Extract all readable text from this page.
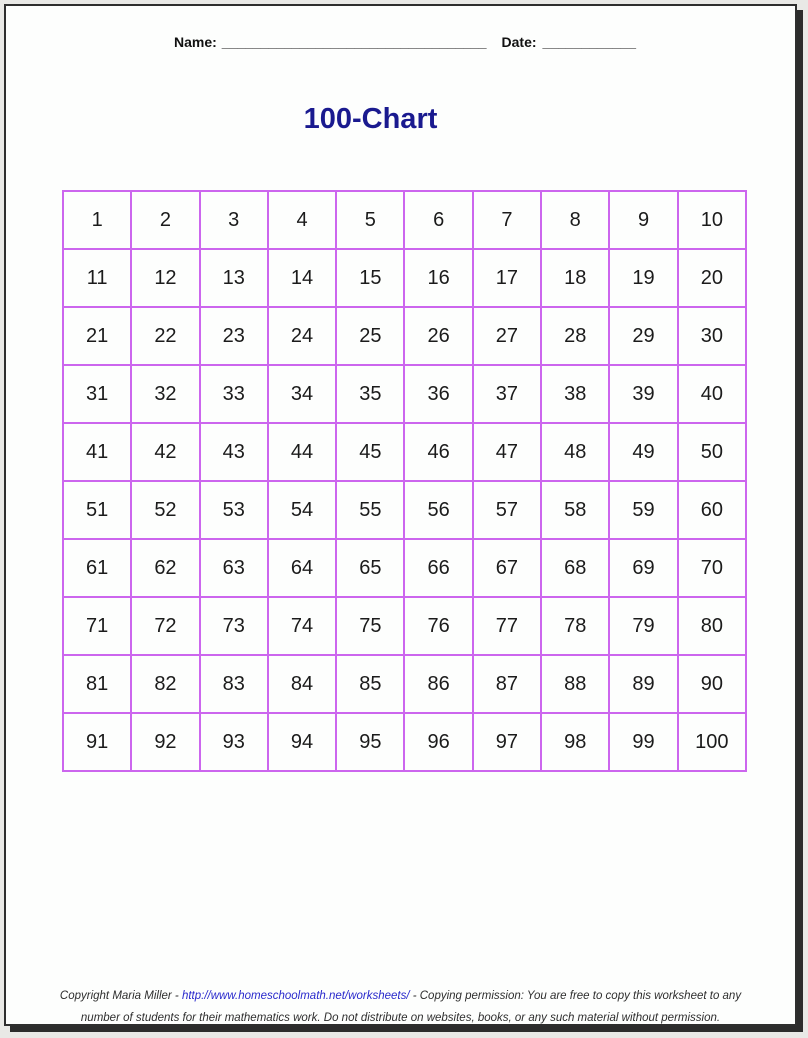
Name: __________________________________ Date: ____________
100-Chart
1	2	3	4	5	6	7	8	9	10
11	12	13	14	15	16	17	18	19	20
21	22	23	24	25	26	27	28	29	30
31	32	33	34	35	36	37	38	39	40
41	42	43	44	45	46	47	48	49	50
51	52	53	54	55	56	57	58	59	60
61	62	63	64	65	66	67	68	69	70
71	72	73	74	75	76	77	78	79	80
81	82	83	84	85	86	87	88	89	90
91	92	93	94	95	96	97	98	99	100
Copyright Maria Miller - http://www.homeschoolmath.net/worksheets/ - Copying permission: You are free to copy this worksheet to any
number of students for their mathematics work. Do not distribute on websites, books, or any such material without permission.
